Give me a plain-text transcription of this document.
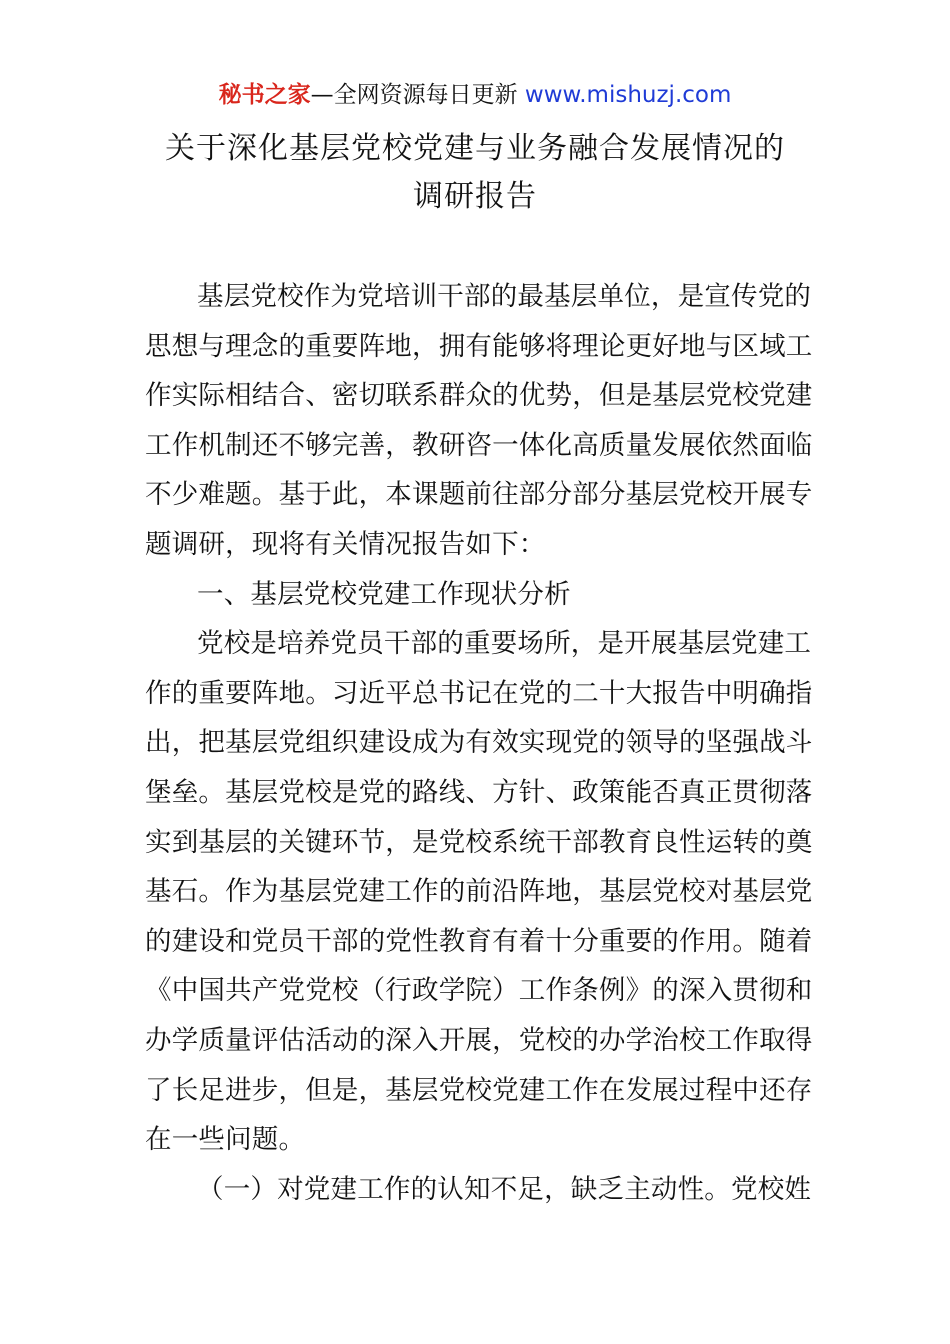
秘书之家—全网资源每日更新 www.mishuzj.com
关于深化基层党校党建与业务融合发展情况的
调研报告
基层党校作为党培训干部的最基层单位，是宣传党的
思想与理念的重要阵地，拥有能够将理论更好地与区域工
作实际相结合、密切联系群众的优势，但是基层党校党建
工作机制还不够完善，教研咨一体化高质量发展依然面临
不少难题。基于此，本课题前往部分部分基层党校开展专
题调研，现将有关情况报告如下：
一、基层党校党建工作现状分析
党校是培养党员干部的重要场所，是开展基层党建工
作的重要阵地。习近平总书记在党的二十大报告中明确指
出，把基层党组织建设成为有效实现党的领导的坚强战斗
堡垒。基层党校是党的路线、方针、政策能否真正贯彻落
实到基层的关键环节，是党校系统干部教育良性运转的奠
基石。作为基层党建工作的前沿阵地，基层党校对基层党
的建设和党员干部的党性教育有着十分重要的作用。随着
《中国共产党党校（行政学院）工作条例》的深入贯彻和
办学质量评估活动的深入开展，党校的办学治校工作取得
了长足进步，但是，基层党校党建工作在发展过程中还存
在一些问题。
（一）对党建工作的认知不足，缺乏主动性。党校姓
